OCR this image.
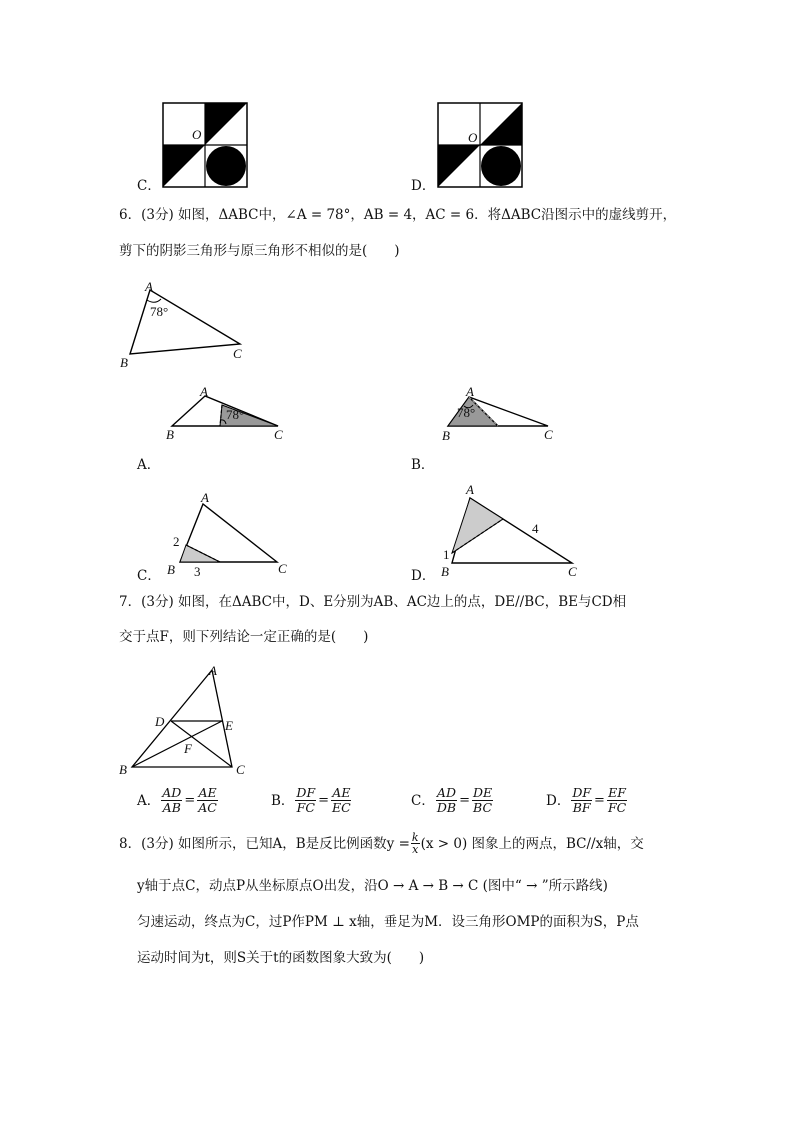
C．
O
D．
O
6．(3分) 如图，ΔABC中，∠A = 78°，AB = 4，AC = 6．将ΔABC沿图示中的虚线剪开，
剪下的阴影三角形与原三角形不相似的是(　　)
A
B
C
78°
A．
A
B	C
78°
B．
A
B	C
78°
C．
A
B	C
2
3	D．
A
B	C
1
4
7．(3分) 如图，在ΔABC中，D、E分别为AB、AC边上的点，DE//BC，BE与CD相
交于点F，则下列结论一定正确的是(　　)
A
B	C
D	E
F
A． $\frac{AD}{AB} = \frac{AE}{AC}$	B． $\frac{DF}{FC} = \frac{AE}{EC}$	C． $\frac{AD}{DB} = \frac{DE}{BC}$	D． $\frac{DF}{BF} = \frac{EF}{FC}$
8．(3分) 如图所示，已知A，B是反比例函数$y = \frac{k}{x} (x > 0)$ 图象上的两点，BC//x轴，交
y轴于点C，动点P从坐标原点O出发，沿O → A → B → C (图中“ → ”所示路线)
匀速运动，终点为C，过P作PM ⊥ x轴，垂足为M．设三角形OMP的面积为S，P点
运动时间为t，则S关于t的函数图象大致为(　　)
